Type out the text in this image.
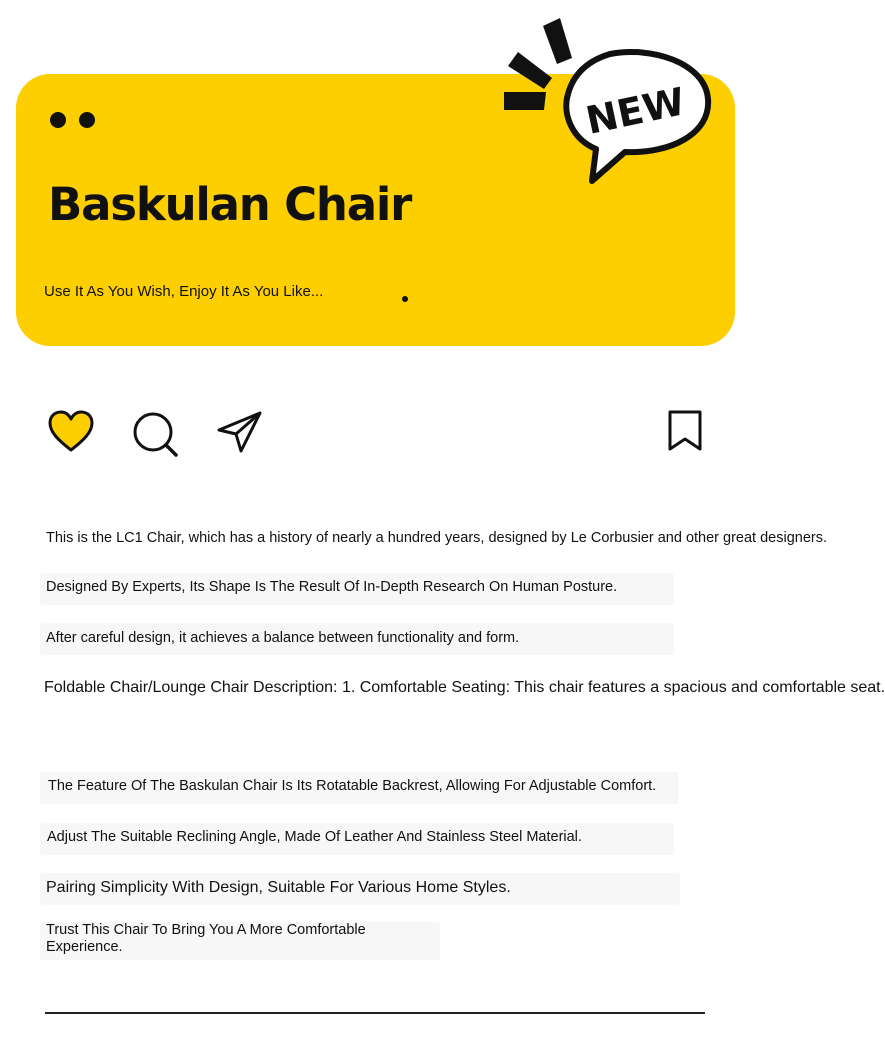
Baskulan Chair
Use It As You Wish, Enjoy It As You Like...
NEW
This is the LC1 Chair, which has a history of nearly a hundred years, designed by Le Corbusier and other great designers.
Designed By Experts, Its Shape Is The Result Of In-Depth Research On Human Posture.
After careful design, it achieves a balance between functionality and form.
Foldable Chair/Lounge Chair Description: 1. Comfortable Seating: This chair features a spacious and comfortable seat.
The Feature Of The Baskulan Chair Is Its Rotatable Backrest, Allowing For Adjustable Comfort.
Adjust The Suitable Reclining Angle, Made Of Leather And Stainless Steel Material.
Pairing Simplicity With Design, Suitable For Various Home Styles.
Trust This Chair To Bring You A More Comfortable
Experience.
